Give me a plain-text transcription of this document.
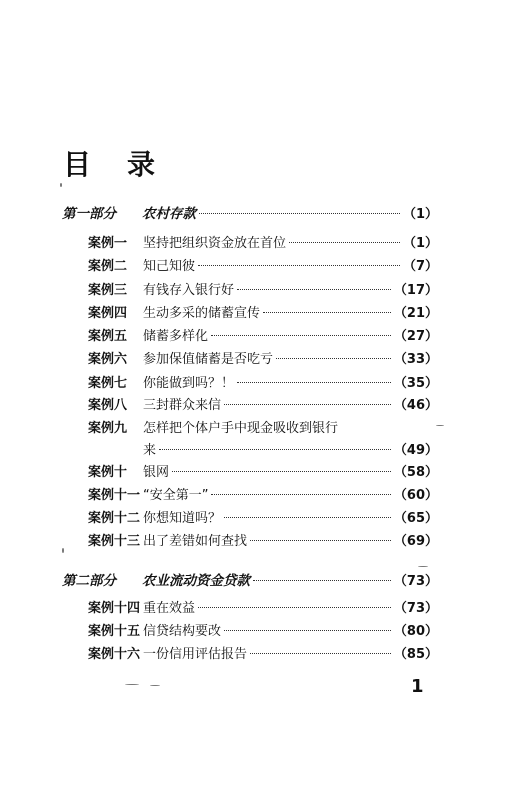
目 录
第一部分	农村存款	（1）
案例一	坚持把组织资金放在首位	（1）
案例二	知己知彼	（7）
案例三	有钱存入银行好	（17）
案例四	生动多采的储蓄宣传	（21）
案例五	储蓄多样化	（27）
案例六	参加保值储蓄是否吃亏	（33）
案例七	你能做到吗？！	（35）
案例八	三封群众来信	（46）
案例九	怎样把个体户手中现金吸收到银行
来	（49）
案例十	银网	（58）
案例十一 “安全第一”	（60）
案例十二 你想知道吗？	（65）
案例十三 出了差错如何查找	（69）
第二部分	农业流动资金贷款	（73）
案例十四 重在效益	（73）
案例十五 信贷结构要改	（80）
案例十六 一份信用评估报告	（85）
1
